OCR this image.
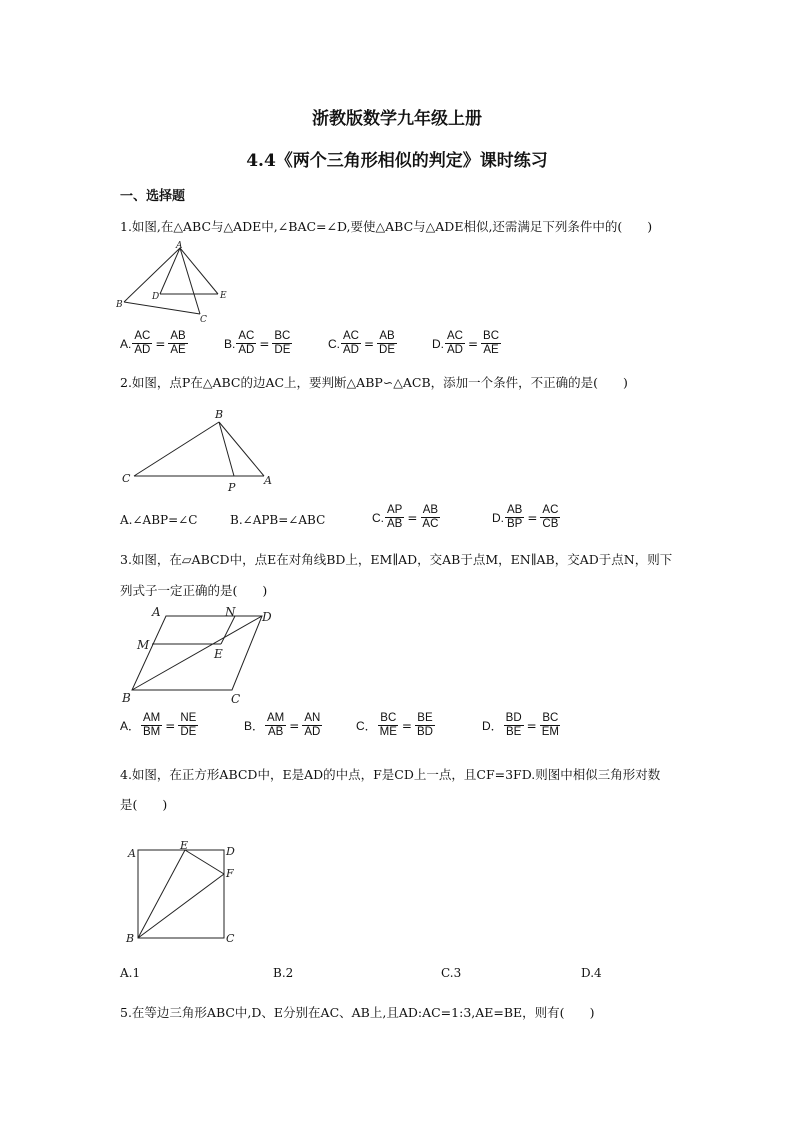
浙教版数学九年级上册
4.4《两个三角形相似的判定》课时练习
一、选择题
1.如图,在△ABC与△ADE中,∠BAC=∠D,要使△ABC与△ADE相似,还需满足下列条件中的(　　)
A
B
C
D	E
A. $\frac{AC}{AD} = \frac{AB}{AE}$	B. $\frac{AC}{AD} = \frac{BC}{DE}$	C. $\frac{AC}{AD} = \frac{AB}{DE}$	D. $\frac{AC}{AD} = \frac{BC}{AE}$
2.如图，点P在△ABC的边AC上，要判断△ABP∽△ACB，添加一个条件，不正确的是(　　)
B
C
P
A
A.∠ABP=∠C	B.∠APB=∠ABC	C. $\frac{AP}{AB} = \frac{AB}{AC}$	D. $\frac{AB}{BP} = \frac{AC}{CB}$
3.如图，在▱ABCD中，点E在对角线BD上，EM∥AD，交AB于点M，EN∥AB，交AD于点N，则下
列式子一定正确的是(　　)
A	N D
M
E
B	C
A． $\frac{AM}{BM} = \frac{NE}{DE}$	B． $\frac{AM}{AB} = \frac{AN}{AD}$	C． $\frac{BC}{ME} = \frac{BE}{BD}$	D． $\frac{BD}{BE} = \frac{BC}{EM}$
4.如图，在正方形ABCD中，E是AD的中点，F是CD上一点，且CF=3FD.则图中相似三角形对数
是(　　)
A
E	D
F
B	C
A.1	B.2	C.3	D.4
5.在等边三角形ABC中,D、E分别在AC、AB上,且AD:AC=1:3,AE=BE，则有(　　)
